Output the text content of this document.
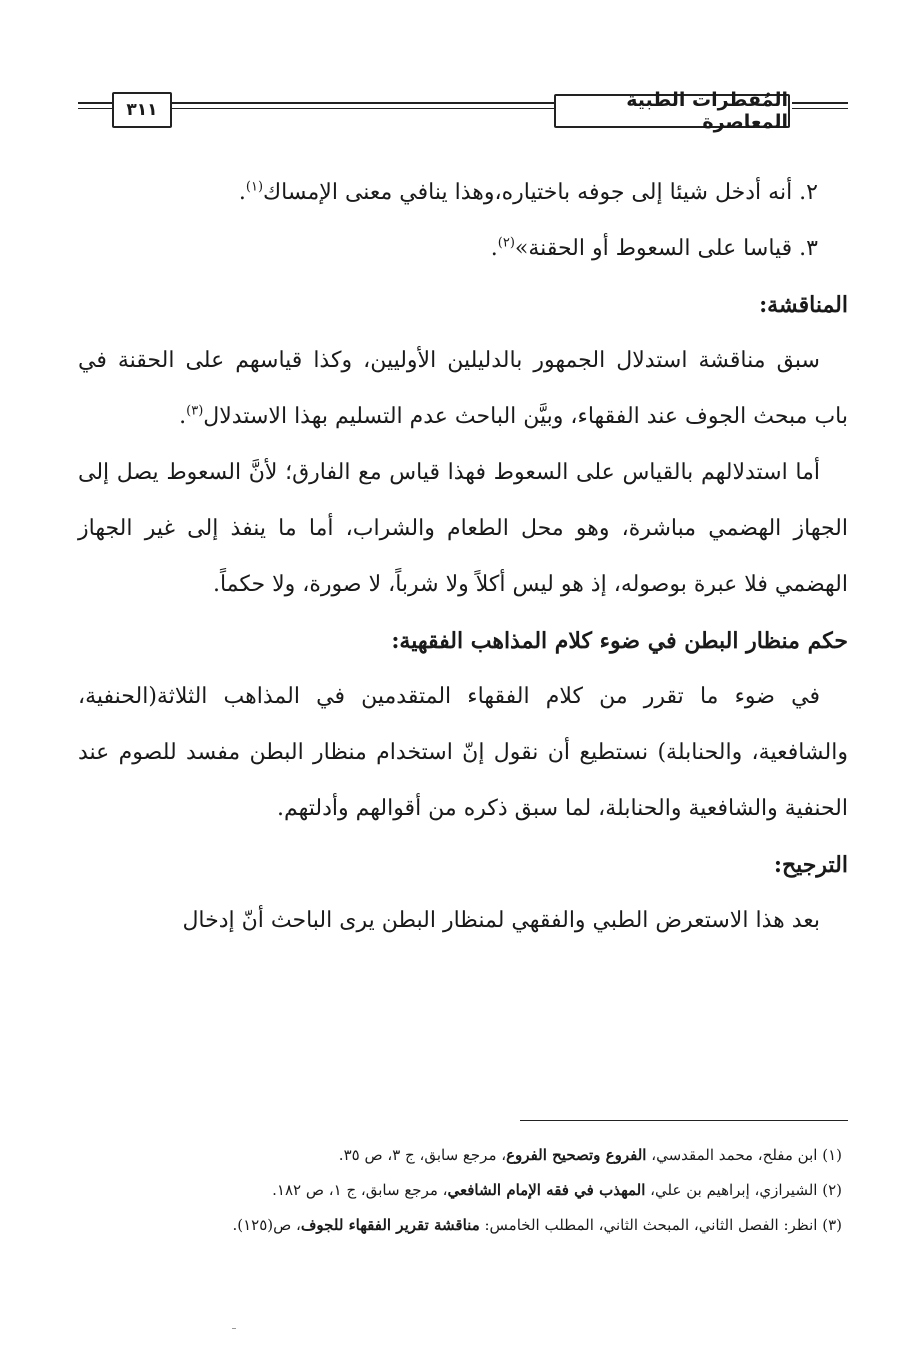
٣١١	المُفطرات الطبية المعاصرة

٢. أنه أدخل شيئا إلى جوفه باختياره،وهذا ينافي معنى الإمساك$^{(١)}$.

٣. قياسا على السعوط أو الحقنة»$^{(٢)}$.

المناقشة:

سبق مناقشة استدلال الجمهور بالدليلين الأوليين، وكذا قياسهم على الحقنة في باب مبحث الجوف عند الفقهاء، وبيَّن الباحث عدم التسليم بهذا الاستدلال$^{(٣)}$.

أما استدلالهم بالقياس على السعوط فهذا قياس مع الفارق؛ لأنَّ السعوط يصل إلى الجهاز الهضمي مباشرة، وهو محل الطعام والشراب، أما ما ينفذ إلى غير الجهاز الهضمي فلا عبرة بوصوله، إذ هو ليس أكلاً ولا شرباً، لا صورة، ولا حكماً.

حكم منظار البطن في ضوء كلام المذاهب الفقهية:

في ضوء ما تقرر من كلام الفقهاء المتقدمين في المذاهب الثلاثة(الحنفية، والشافعية، والحنابلة) نستطيع أن نقول إنّ استخدام منظار البطن مفسد للصوم عند الحنفية والشافعية والحنابلة، لما سبق ذكره من أقوالهم وأدلتهم.

الترجيح:

بعد هذا الاستعرض الطبي والفقهي لمنظار البطن يرى الباحث أنّ إدخال

(١) ابن مفلح، محمد المقدسي، الفروع وتصحيح الفروع، مرجع سابق، ج ٣، ص ٣٥.

(٢) الشيرازي، إبراهيم بن علي، المهذب في فقه الإمام الشافعي، مرجع سابق، ج ١، ص ١٨٢.

(٣) انظر: الفصل الثاني، المبحث الثاني، المطلب الخامس: مناقشة تقرير الفقهاء للجوف، ص(١٢٥).
